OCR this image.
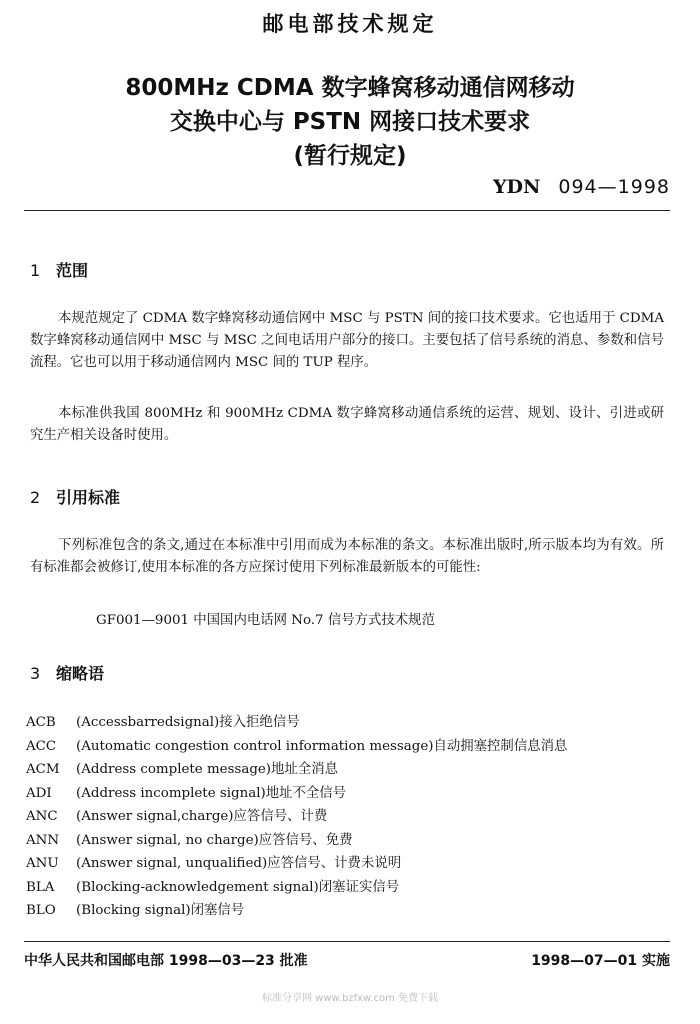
邮电部技术规定
800MHz CDMA 数字蜂窝移动通信网移动
交换中心与 PSTN 网接口技术要求
(暂行规定)
YDN 094—1998
1 范围
本规范规定了 CDMA 数字蜂窝移动通信网中 MSC 与 PSTN 间的接口技术要求。它也适用于 CDMA 数字蜂窝移动通信网中 MSC 与 MSC 之间电话用户部分的接口。主要包括了信号系统的消息、参数和信号流程。它也可以用于移动通信网内 MSC 间的 TUP 程序。
本标准供我国 800MHz 和 900MHz CDMA 数字蜂窝移动通信系统的运营、规划、设计、引进或研究生产相关设备时使用。
2 引用标准
下列标准包含的条文,通过在本标准中引用而成为本标准的条文。本标准出版时,所示版本均为有效。所有标准都会被修订,使用本标准的各方应探讨使用下列标准最新版本的可能性:
GF001—9001 中国国内电话网 No.7 信号方式技术规范
3 缩略语
ACB (Accessbarredsignal)接入拒绝信号
ACC (Automatic congestion control information message)自动拥塞控制信息消息
ACM (Address complete message)地址全消息
ADI (Address incomplete signal)地址不全信号
ANC (Answer signal,charge)应答信号、计费
ANN (Answer signal, no charge)应答信号、免费
ANU (Answer signal, unqualified)应答信号、计费未说明
BLA (Blocking-acknowledgement signal)闭塞证实信号
BLO (Blocking signal)闭塞信号
中华人民共和国邮电部 1998—03—23 批准	1998—07—01 实施
标准分享网 www.bzfxw.com 免费下载
